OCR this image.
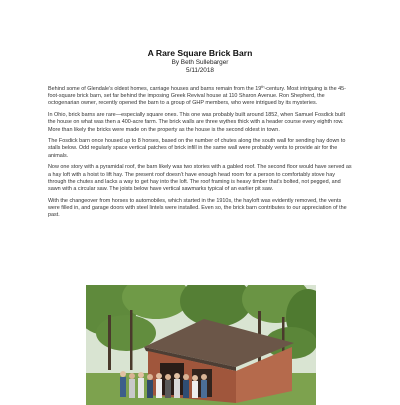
A Rare Square Brick Barn
By Beth Sullebarger
5/11/2018

Behind some of Glendale’s oldest homes, carriage houses and barns remain from the 19th-century. Most intriguing is the 45-foot-square brick barn, set far behind the imposing Greek Revival house at 110 Sharon Avenue. Ron Shepherd, the octogenarian owner, recently opened the barn to a group of GHP members, who were intrigued by its mysteries.

In Ohio, brick barns are rare—especially square ones. This one was probably built around 1852, when Samuel Fosdick built the house on what was then a 400-acre farm. The brick walls are three wythes thick with a header course every eighth row. More than likely the bricks were made on the property as the house is the second oldest in town.

The Fosdick barn once housed up to 8 horses, based on the number of chutes along the south wall for sending hay down to stalls below. Odd regularly space vertical patches of brick infill in the same wall were probably vents to provide air for the animals.

Now one story with a pyramidal roof, the barn likely was two stories with a gabled roof. The second floor would have served as a hay loft with a hoist to lift hay. The present roof doesn’t have enough head room for a person to comfortably stove hay through the chutes and lacks a way to get hay into the loft. The roof framing is heavy timber that’s bolted, not pegged, and sawn with a circular saw. The joists below have vertical sawmarks typical of an earlier pit saw.

With the changeover from horses to automobiles, which started in the 1910s, the hayloft was evidently removed, the vents were filled in, and garage doors with steel lintels were installed. Even so, the brick barn contributes to our appreciation of the past.
